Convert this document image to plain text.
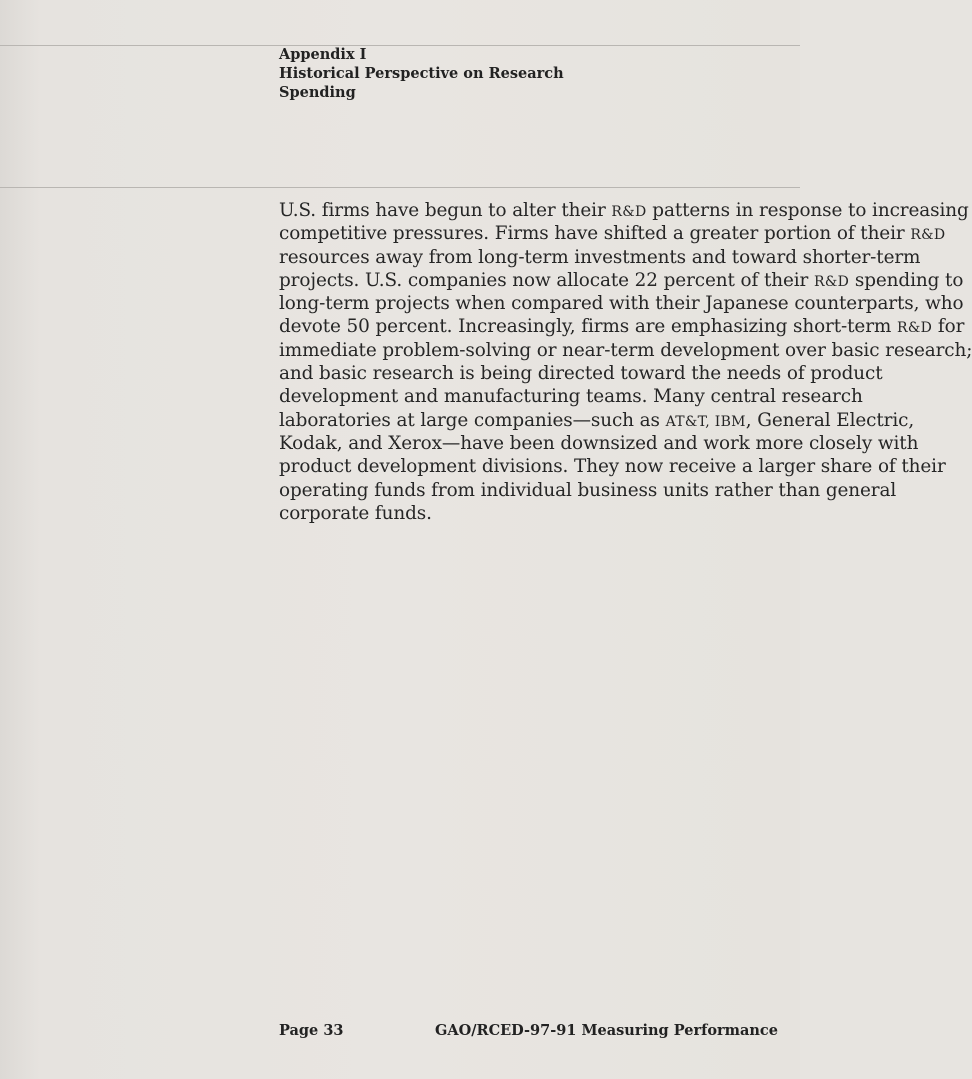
Appendix I
Historical Perspective on Research
Spending
U.S. firms have begun to alter their R&D patterns in response to increasing
competitive pressures. Firms have shifted a greater portion of their R&D
resources away from long-term investments and toward shorter-term
projects. U.S. companies now allocate 22 percent of their R&D spending to
long-term projects when compared with their Japanese counterparts, who
devote 50 percent. Increasingly, firms are emphasizing short-term R&D for
immediate problem-solving or near-term development over basic research;
and basic research is being directed toward the needs of product
development and manufacturing teams. Many central research
laboratories at large companies—such as AT&T, IBM, General Electric,
Kodak, and Xerox—have been downsized and work more closely with
product development divisions. They now receive a larger share of their
operating funds from individual business units rather than general
corporate funds.
Page 33	GAO/RCED-97-91 Measuring Performance
